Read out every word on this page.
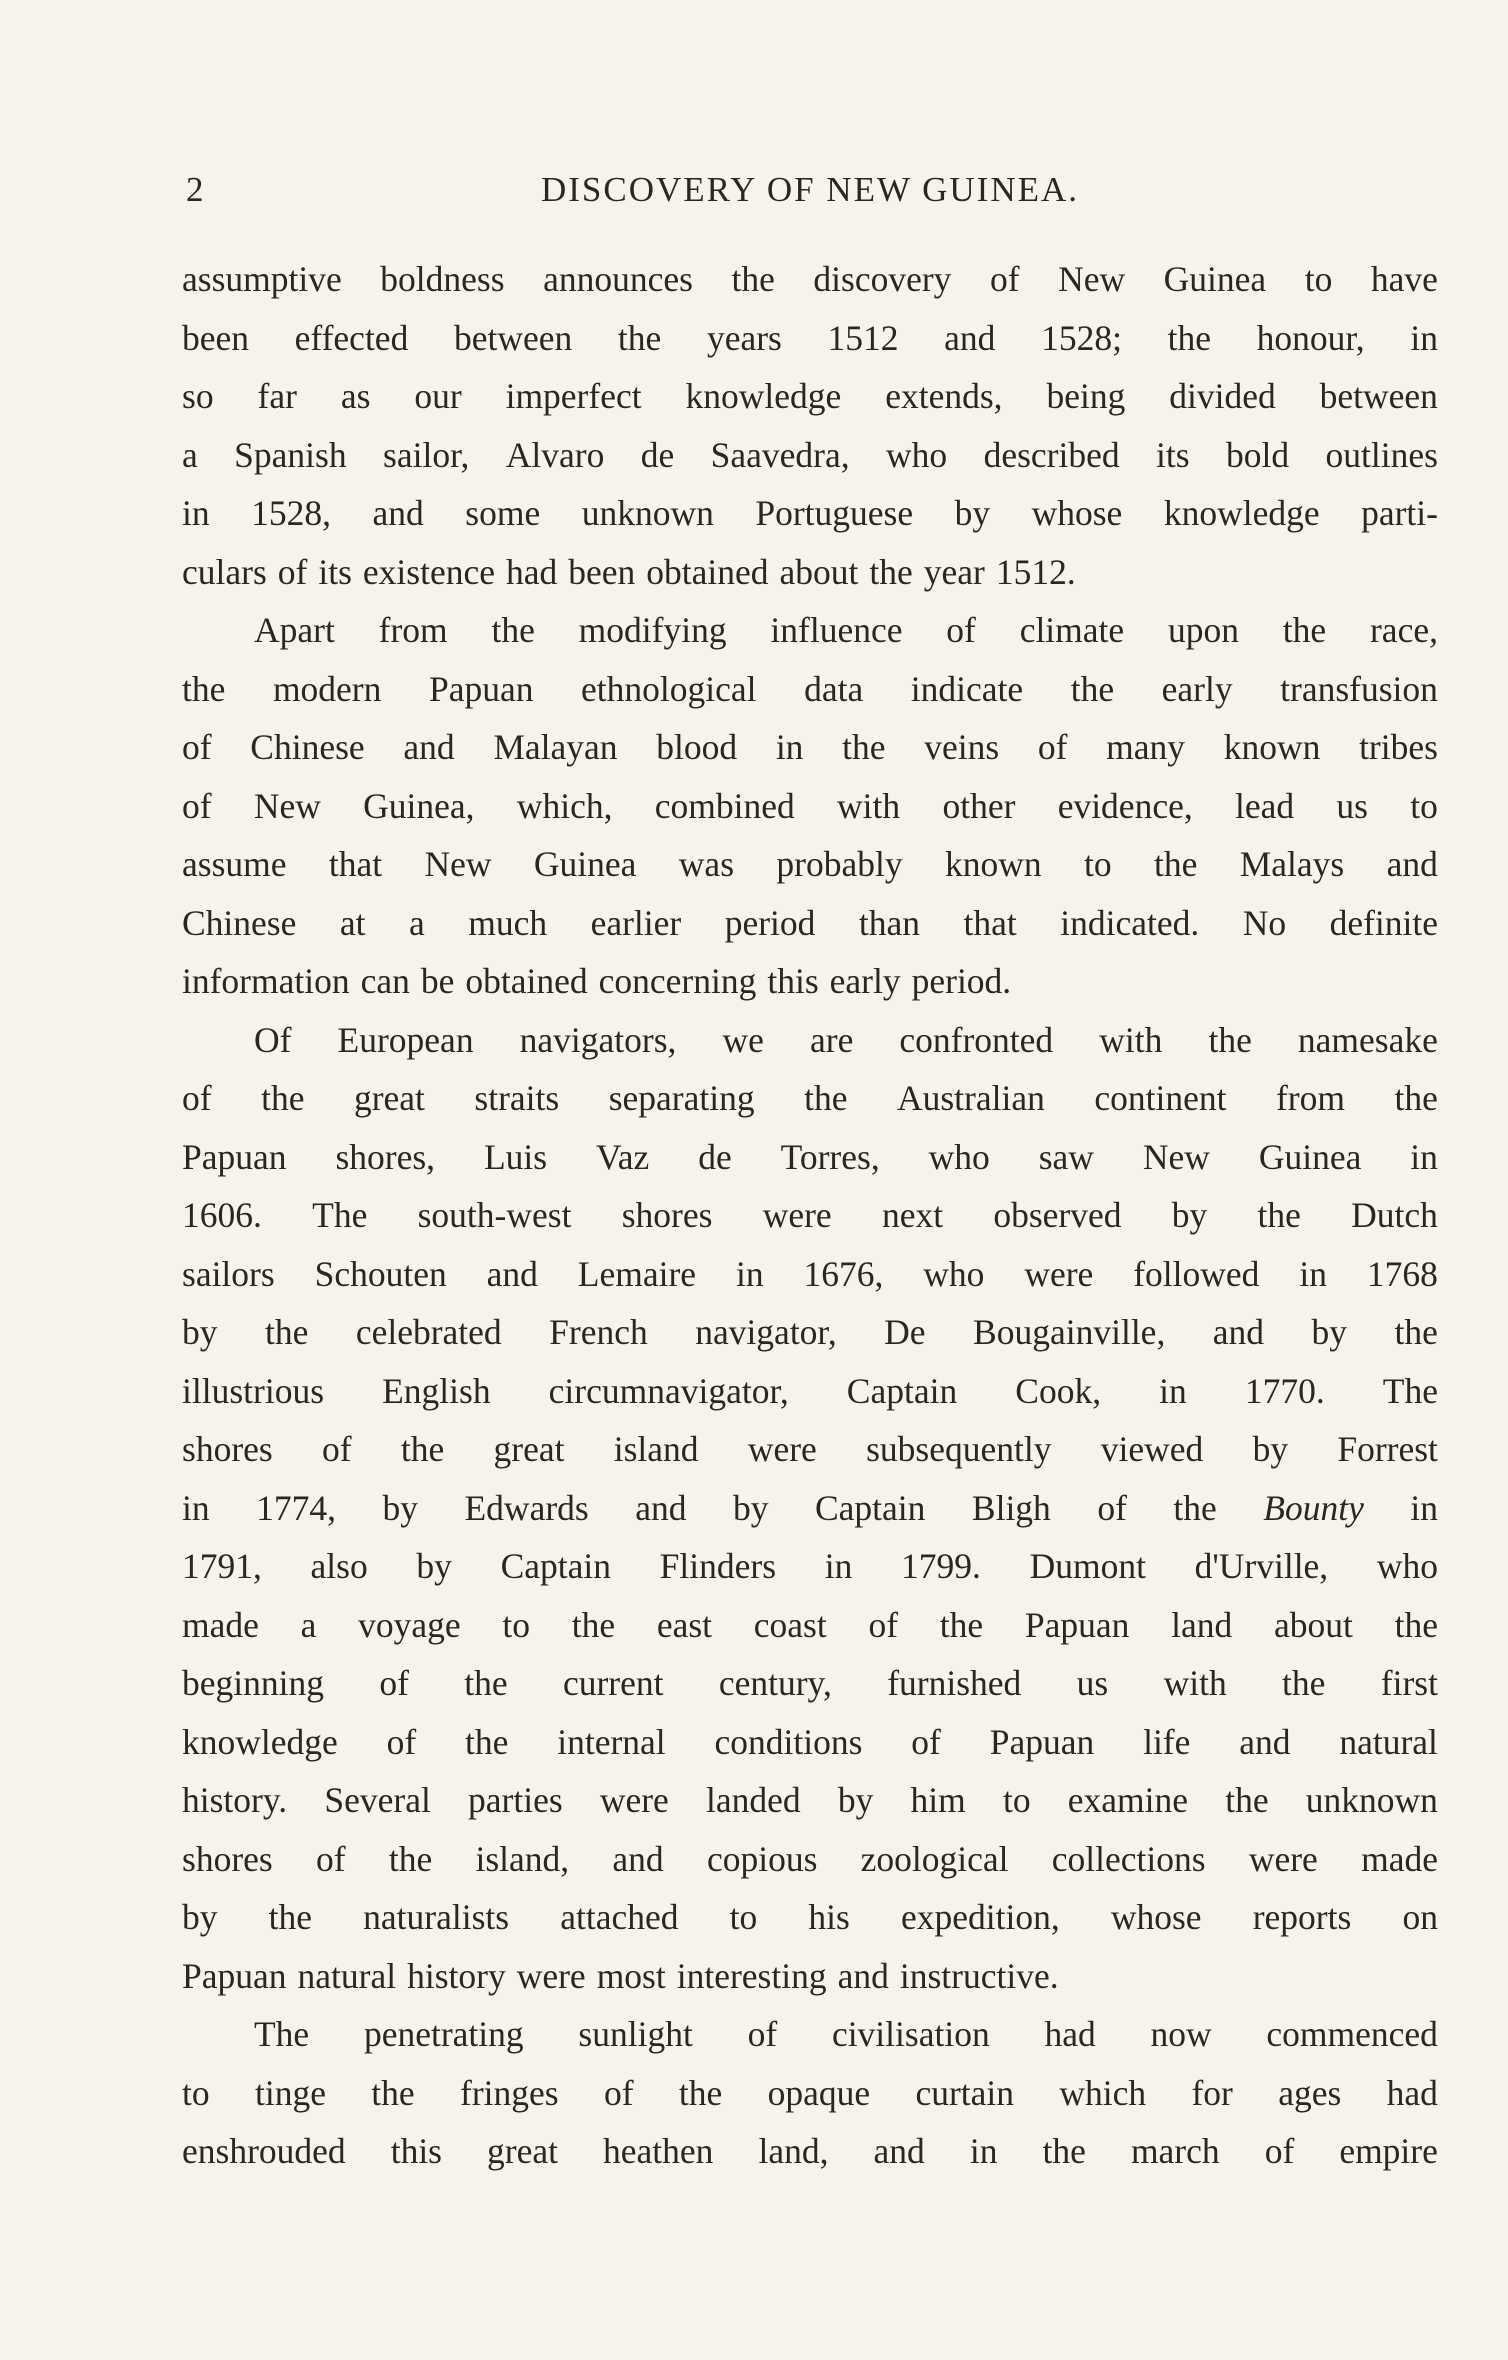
2	DISCOVERY OF NEW GUINEA.
assumptive boldness announces the discovery of New Guinea to have
been effected between the years 1512 and 1528; the honour, in
so far as our imperfect knowledge extends, being divided between
a Spanish sailor, Alvaro de Saavedra, who described its bold outlines
in 1528, and some unknown Portuguese by whose knowledge parti-
culars of its existence had been obtained about the year 1512.
Apart from the modifying influence of climate upon the race,
the modern Papuan ethnological data indicate the early transfusion
of Chinese and Malayan blood in the veins of many known tribes
of New Guinea, which, combined with other evidence, lead us to
assume that New Guinea was probably known to the Malays and
Chinese at a much earlier period than that indicated. No definite
information can be obtained concerning this early period.
Of European navigators, we are confronted with the namesake
of the great straits separating the Australian continent from the
Papuan shores, Luis Vaz de Torres, who saw New Guinea in
1606. The south-west shores were next observed by the Dutch
sailors Schouten and Lemaire in 1676, who were followed in 1768
by the celebrated French navigator, De Bougainville, and by the
illustrious English circumnavigator, Captain Cook, in 1770. The
shores of the great island were subsequently viewed by Forrest
in 1774, by Edwards and by Captain Bligh of the Bounty in
1791, also by Captain Flinders in 1799. Dumont d'Urville, who
made a voyage to the east coast of the Papuan land about the
beginning of the current century, furnished us with the first
knowledge of the internal conditions of Papuan life and natural
history. Several parties were landed by him to examine the unknown
shores of the island, and copious zoological collections were made
by the naturalists attached to his expedition, whose reports on
Papuan natural history were most interesting and instructive.
The penetrating sunlight of civilisation had now commenced
to tinge the fringes of the opaque curtain which for ages had
enshrouded this great heathen land, and in the march of empire
